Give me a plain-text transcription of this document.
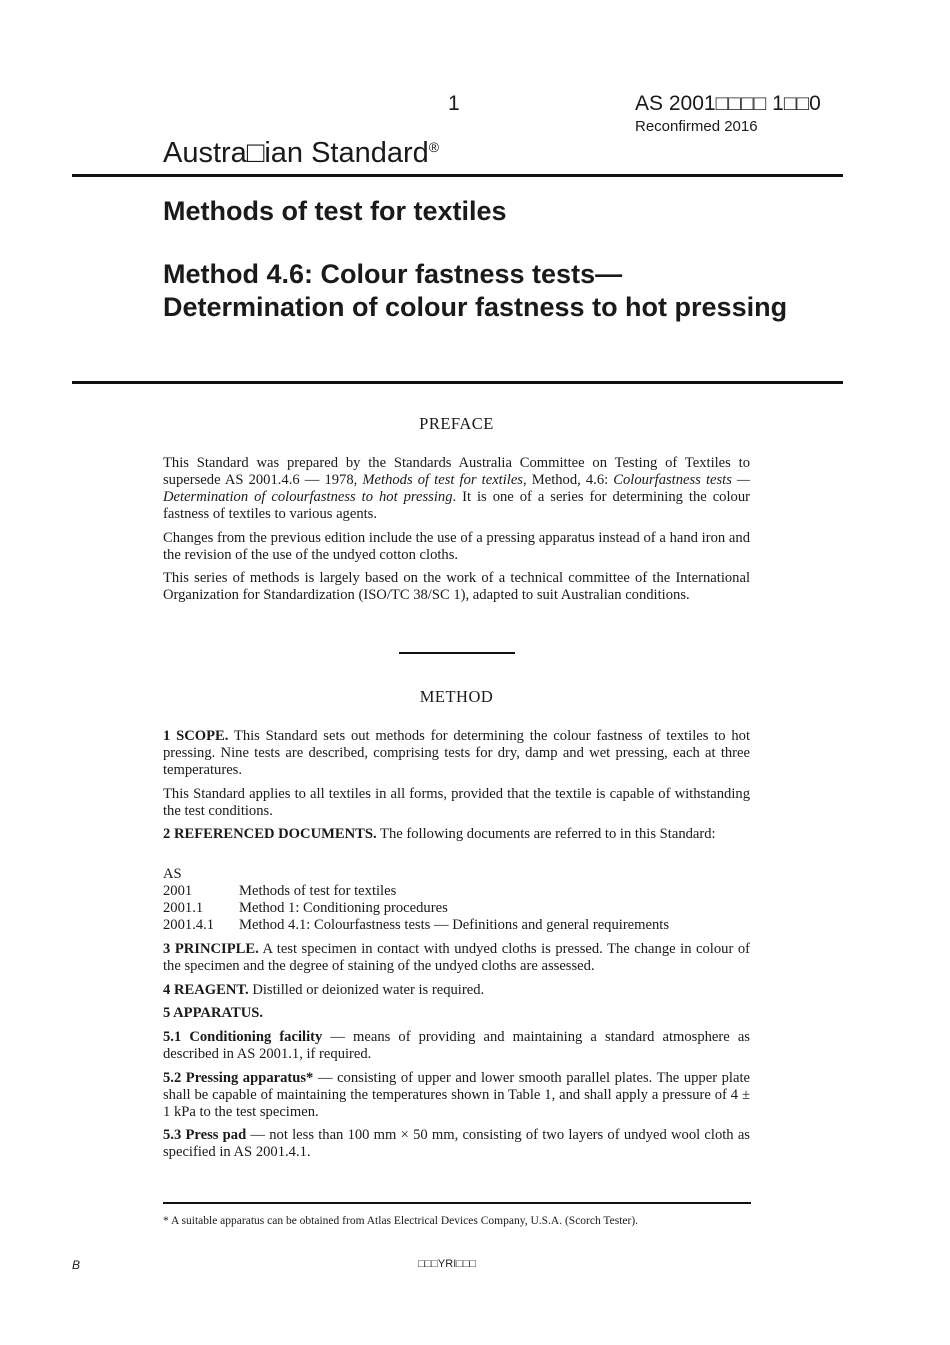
1	AS 2001□□□□ 1□□0
Reconfirmed 2016
Austra□ian Standard®
Methods of test for textiles
Method 4.6: Colour fastness tests— Determination of colour fastness to hot pressing
PREFACE
This Standard was prepared by the Standards Australia Committee on Testing of Textiles to supersede AS 2001.4.6 — 1978, Methods of test for textiles, Method, 4.6: Colourfastness tests — Determination of colourfastness to hot pressing. It is one of a series for determining the colour fastness of textiles to various agents.
Changes from the previous edition include the use of a pressing apparatus instead of a hand iron and the revision of the use of the undyed cotton cloths.
This series of methods is largely based on the work of a technical committee of the International Organization for Standardization (ISO/TC 38/SC 1), adapted to suit Australian conditions.
METHOD
1 SCOPE. This Standard sets out methods for determining the colour fastness of textiles to hot pressing. Nine tests are described, comprising tests for dry, damp and wet pressing, each at three temperatures.
This Standard applies to all textiles in all forms, provided that the textile is capable of withstanding the test conditions.
2 REFERENCED DOCUMENTS. The following documents are referred to in this Standard:
AS
2001	Methods of test for textiles
2001.1	Method 1: Conditioning procedures
2001.4.1	Method 4.1: Colourfastness tests — Definitions and general requirements
3 PRINCIPLE. A test specimen in contact with undyed cloths is pressed. The change in colour of the specimen and the degree of staining of the undyed cloths are assessed.
4 REAGENT. Distilled or deionized water is required.
5 APPARATUS.
5.1 Conditioning facility — means of providing and maintaining a standard atmosphere as described in AS 2001.1, if required.
5.2 Pressing apparatus* — consisting of upper and lower smooth parallel plates. The upper plate shall be capable of maintaining the temperatures shown in Table 1, and shall apply a pressure of 4 ± 1 kPa to the test specimen.
5.3 Press pad — not less than 100 mm × 50 mm, consisting of two layers of undyed wool cloth as specified in AS 2001.4.1.
* A suitable apparatus can be obtained from Atlas Electrical Devices Company, U.S.A. (Scorch Tester).
B	□□□YRI□□□
